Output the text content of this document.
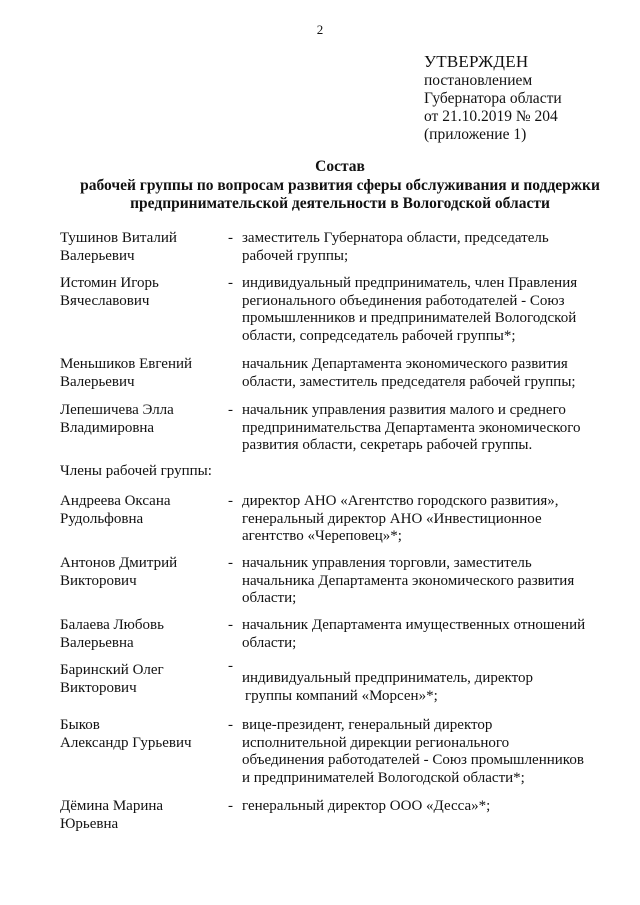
2
УТВЕРЖДЕН
постановлением
Губернатора области
от 21.10.2019 № 204
(приложение 1)
Состав
рабочей группы по вопросам развития сферы обслуживания и поддержки
предпринимательской деятельности в Вологодской области
Тушинов Виталий
Валерьевич
- заместитель Губернатора области, председатель
рабочей группы;
Истомин Игорь
Вячеславович
- индивидуальный предприниматель, член Правления
регионального объединения работодателей - Союз
промышленников и предпринимателей Вологодской
области, сопредседатель рабочей группы*;
Меньшиков Евгений
Валерьевич
начальник Департамента экономического развития
области, заместитель председателя рабочей группы;
Лепешичева Элла
Владимировна
- начальник управления развития малого и среднего
предпринимательства Департамента экономического
развития области, секретарь рабочей группы.
Члены рабочей группы:
Андреева Оксана
Рудольфовна
- директор АНО «Агентство городского развития»,
генеральный директор АНО «Инвестиционное
агентство «Череповец»*;
Антонов Дмитрий
Викторович
- начальник управления торговли, заместитель
начальника Департамента экономического развития
области;
Балаева Любовь
Валерьевна
- начальник Департамента имущественных отношений
области;
Баринский Олег
Викторович
-
индивидуальный предприниматель, директор
группы компаний «Морсен»*;
Быков
Александр Гурьевич
- вице-президент, генеральный директор
исполнительной дирекции регионального
объединения работодателей - Союз промышленников
и предпринимателей Вологодской области*;
Дёмина Марина
Юрьевна
- генеральный директор ООО «Десса»*;
